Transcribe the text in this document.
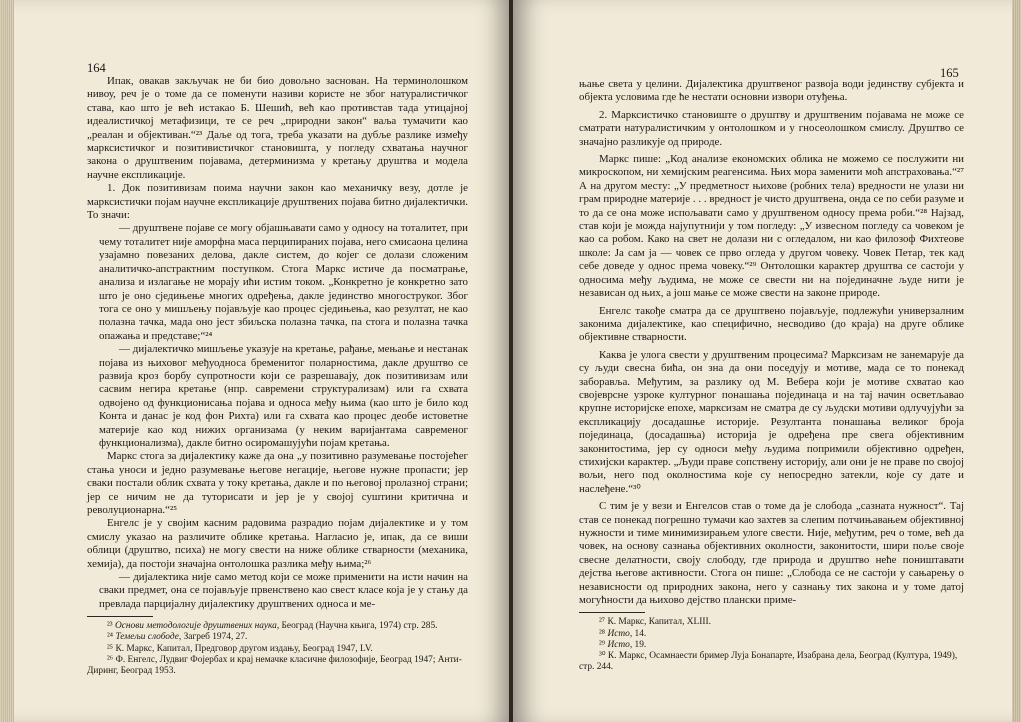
164

Ипак, овакав закључак не би био довољно заснован. На терминолошком нивоу, реч је о томе да се поменути називи користе не због натуралистичког става, као што је већ истакао Б. Шешић, већ као противстав тада утицајној идеалистичкој метафизици, те се реч „природни закон“ ваља тумачити као „реалан и објективан.“²³ Даље од тога, треба указати на дубље разлике између марксистичког и позитивистичког становишта, у погледу схватања научног закона о друштвеним појавама, детерминизма у кретању друштва и модела научне експликације.

1. Док позитивизам поима научни закон као механичку везу, дотле је марксистички појам научне експликације друштвених појава битно дијалектички. То значи:

— друштвене појаве се могу објашњавати само у односу на тоталитет, при чему тоталитет није аморфна маса перципираних појава, него смисаона целина узајамно повезаних делова, дакле систем, до којег се долази сложеним аналитичко-апстрактним поступком. Стога Маркс истиче да посматрање, анализа и излагање не морају ићи истим током. „Конкретно је конкретно зато што је оно сједињење многих одређења, дакле јединство многоструког. Због тога се оно у мишљењу појављује као процес сједињења, као резултат, не као полазна тачка, мада оно јест збиљска полазна тачка, па стога и полазна тачка опажања и представе;“²⁴

— дијалектичко мишљење указује на кретање, рађање, мењање и нестанак појава из њиховог међуодноса бременитог поларностима, дакле друштво се развија кроз борбу супротности који се разрешавају, док позитивизам или сасвим негира кретање (нпр. савремени структурализам) или га схвата одвојено од функционисања појава и односа међу њима (као што је било код Конта и данас је код фон Рихта) или га схвата као процес деобе истоветне материје као код нижих организама (у неким варијантама савременог функционализма), дакле битно осиромашујући појам кретања.

Маркс стога за дијалектику каже да она „у позитивно разумевање постојећег стања уноси и једно разумевање његове негације, његове нужне пропасти; јер сваки постали облик схвата у току кретања, дакле и по његовој пролазној страни; јер се ничим не да туторисати и јер је у својој суштини критична и револуционарна.“²⁵

Енгелс је у својим касним радовима разрадио појам дијалектике и у том смислу указао на различите облике кретања. Нагласио је, ипак, да се виши облици (друштво, психа) не могу свести на ниже облике стварности (механика, хемија), да постоји значајна онтолошка разлика међу њима;²⁶

— дијалектика није само метод који се може применити на исти начин на сваки предмет, она се појављује првенствено као свест класе која је у стању да превлада парцијалну дијалектику друштвених односа и ме-

²³ Основи методологије друштвених наука, Београд (Научна књига, 1974) стр. 285.

²⁴ Темељи слободе, Загреб 1974, 27.

²⁵ К. Маркс, Капитал, Предговор другом издању, Београд 1947, LV.

²⁶ Ф. Енгелс, Лудвиг Фојербах и крај немачке класичне филозофије, Београд 1947; Анти-Диринг, Београд 1953.

165

њање света у целини. Дијалектика друштвеног развоја води јединству субјекта и објекта условима где ће нестати основни извори отуђења.

2. Марксистичко становиште о друштву и друштвеним појавама не може се сматрати натуралистичким у онтолошком и у гносеолошком смислу. Друштво се значајно разликује од природе.

Маркс пише: „Код анализе економских облика не можемо се послужити ни микроскопом, ни хемијским реагенсима. Њих мора заменити моћ апстраховања.“²⁷ А на другом месту: „У предметност њихове (робних тела) вредности не улази ни грам природне материје . . . вредност је чисто друштвена, онда се по себи разуме и то да се она може испољавати само у друштвеном односу према роби.“²⁸ Најзад, став који је можда најупутнији у том погледу: „У извесном погледу са човеком је као са робом. Како на свет не долази ни с огледалом, ни као филозоф Фихтеове школе: Ја сам ја — човек се прво огледа у другом човеку. Човек Петар, тек кад себе доведе у однос према човеку.“²⁹ Онтолошки карактер друштва се састоји у односима међу људима, не може се свести ни на појединачне људе нити је независан од њих, а још мање се може свести на законе природе.

Енгелс такође сматра да се друштвено појављује, подлежући универзалним законима дијалектике, као специфично, несводиво (до краја) на друге облике објективне стварности.

Каква је улога свести у друштвеним процесима? Марксизам не занемарује да су људи свесна бића, он зна да они поседују и мотиве, мада се то понекад заборавља. Међутим, за разлику од М. Вебера који је мотиве схватао као својеврсне узроке културног понашања појединаца и на тај начин осветљавао крупне историјске епохе, марксизам не сматра де су људски мотиви одлучујући за експликацију досадашње историје. Резултанта понашања великог броја појединаца, (досадашња) историја је одређена пре свега објективним законитостима, јер су односи међу људима попримили објективно одређен, стихијски карактер. „Људи праве сопствену историју, али они је не праве по својој вољи, него под околностима које су непосредно затекли, које су дате и наслеђене.“³⁰

С тим је у вези и Енгелсов став о томе да је слобода „сазната нужност“. Тај став се понекад погрешно тумачи као захтев за слепим потчињавањем објективној нужности и тиме минимизирањем улоге свести. Није, међутим, реч о томе, већ да човек, на основу сазнања објективних околности, законитости, шири поље своје свесне делатности, своју слободу, где природа и друштво неће поништавати дејства његове активности. Стога он пише: „Слобода се не састоји у сањарењу о независности од природних закона, него у сазнању тих закона и у томе датој могућности да њихово дејство плански приме-

²⁷ К. Маркс, Капитал, XLIII.

²⁸ Исто, 14.

²⁹ Исто, 19.

³⁰ К. Маркс, Осамнаести бример Луја Бонапарте, Изабрана дела, Београд (Култура, 1949), стр. 244.
